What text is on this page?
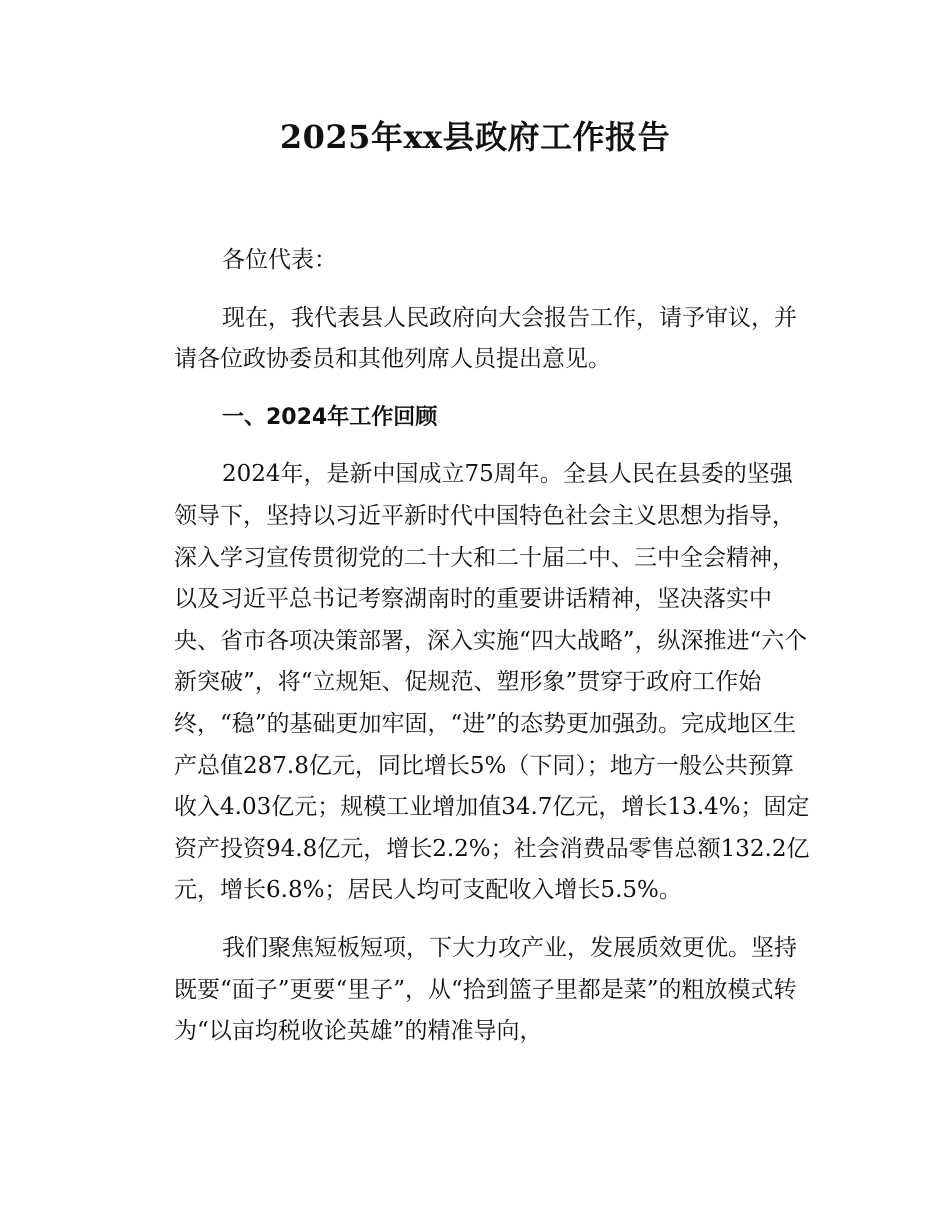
2025年xx县政府工作报告

各位代表：

现在，我代表县人民政府向大会报告工作，请予审议，并请各位政协委员和其他列席人员提出意见。

一、2024年工作回顾

2024年，是新中国成立75周年。全县人民在县委的坚强领导下，坚持以习近平新时代中国特色社会主义思想为指导，深入学习宣传贯彻党的二十大和二十届二中、三中全会精神，以及习近平总书记考察湖南时的重要讲话精神，坚决落实中央、省市各项决策部署，深入实施“四大战略”，纵深推进“六个新突破”，将“立规矩、促规范、塑形象”贯穿于政府工作始终，“稳”的基础更加牢固，“进”的态势更加强劲。完成地区生产总值287.8亿元，同比增长5%（下同）；地方一般公共预算收入4.03亿元；规模工业增加值34.7亿元，增长13.4%；固定资产投资94.8亿元，增长2.2%；社会消费品零售总额132.2亿元，增长6.8%；居民人均可支配收入增长5.5%。

我们聚焦短板短项，下大力攻产业，发展质效更优。坚持既要“面子”更要“里子”，从“拾到篮子里都是菜”的粗放模式转为“以亩均税收论英雄”的精准导向，
